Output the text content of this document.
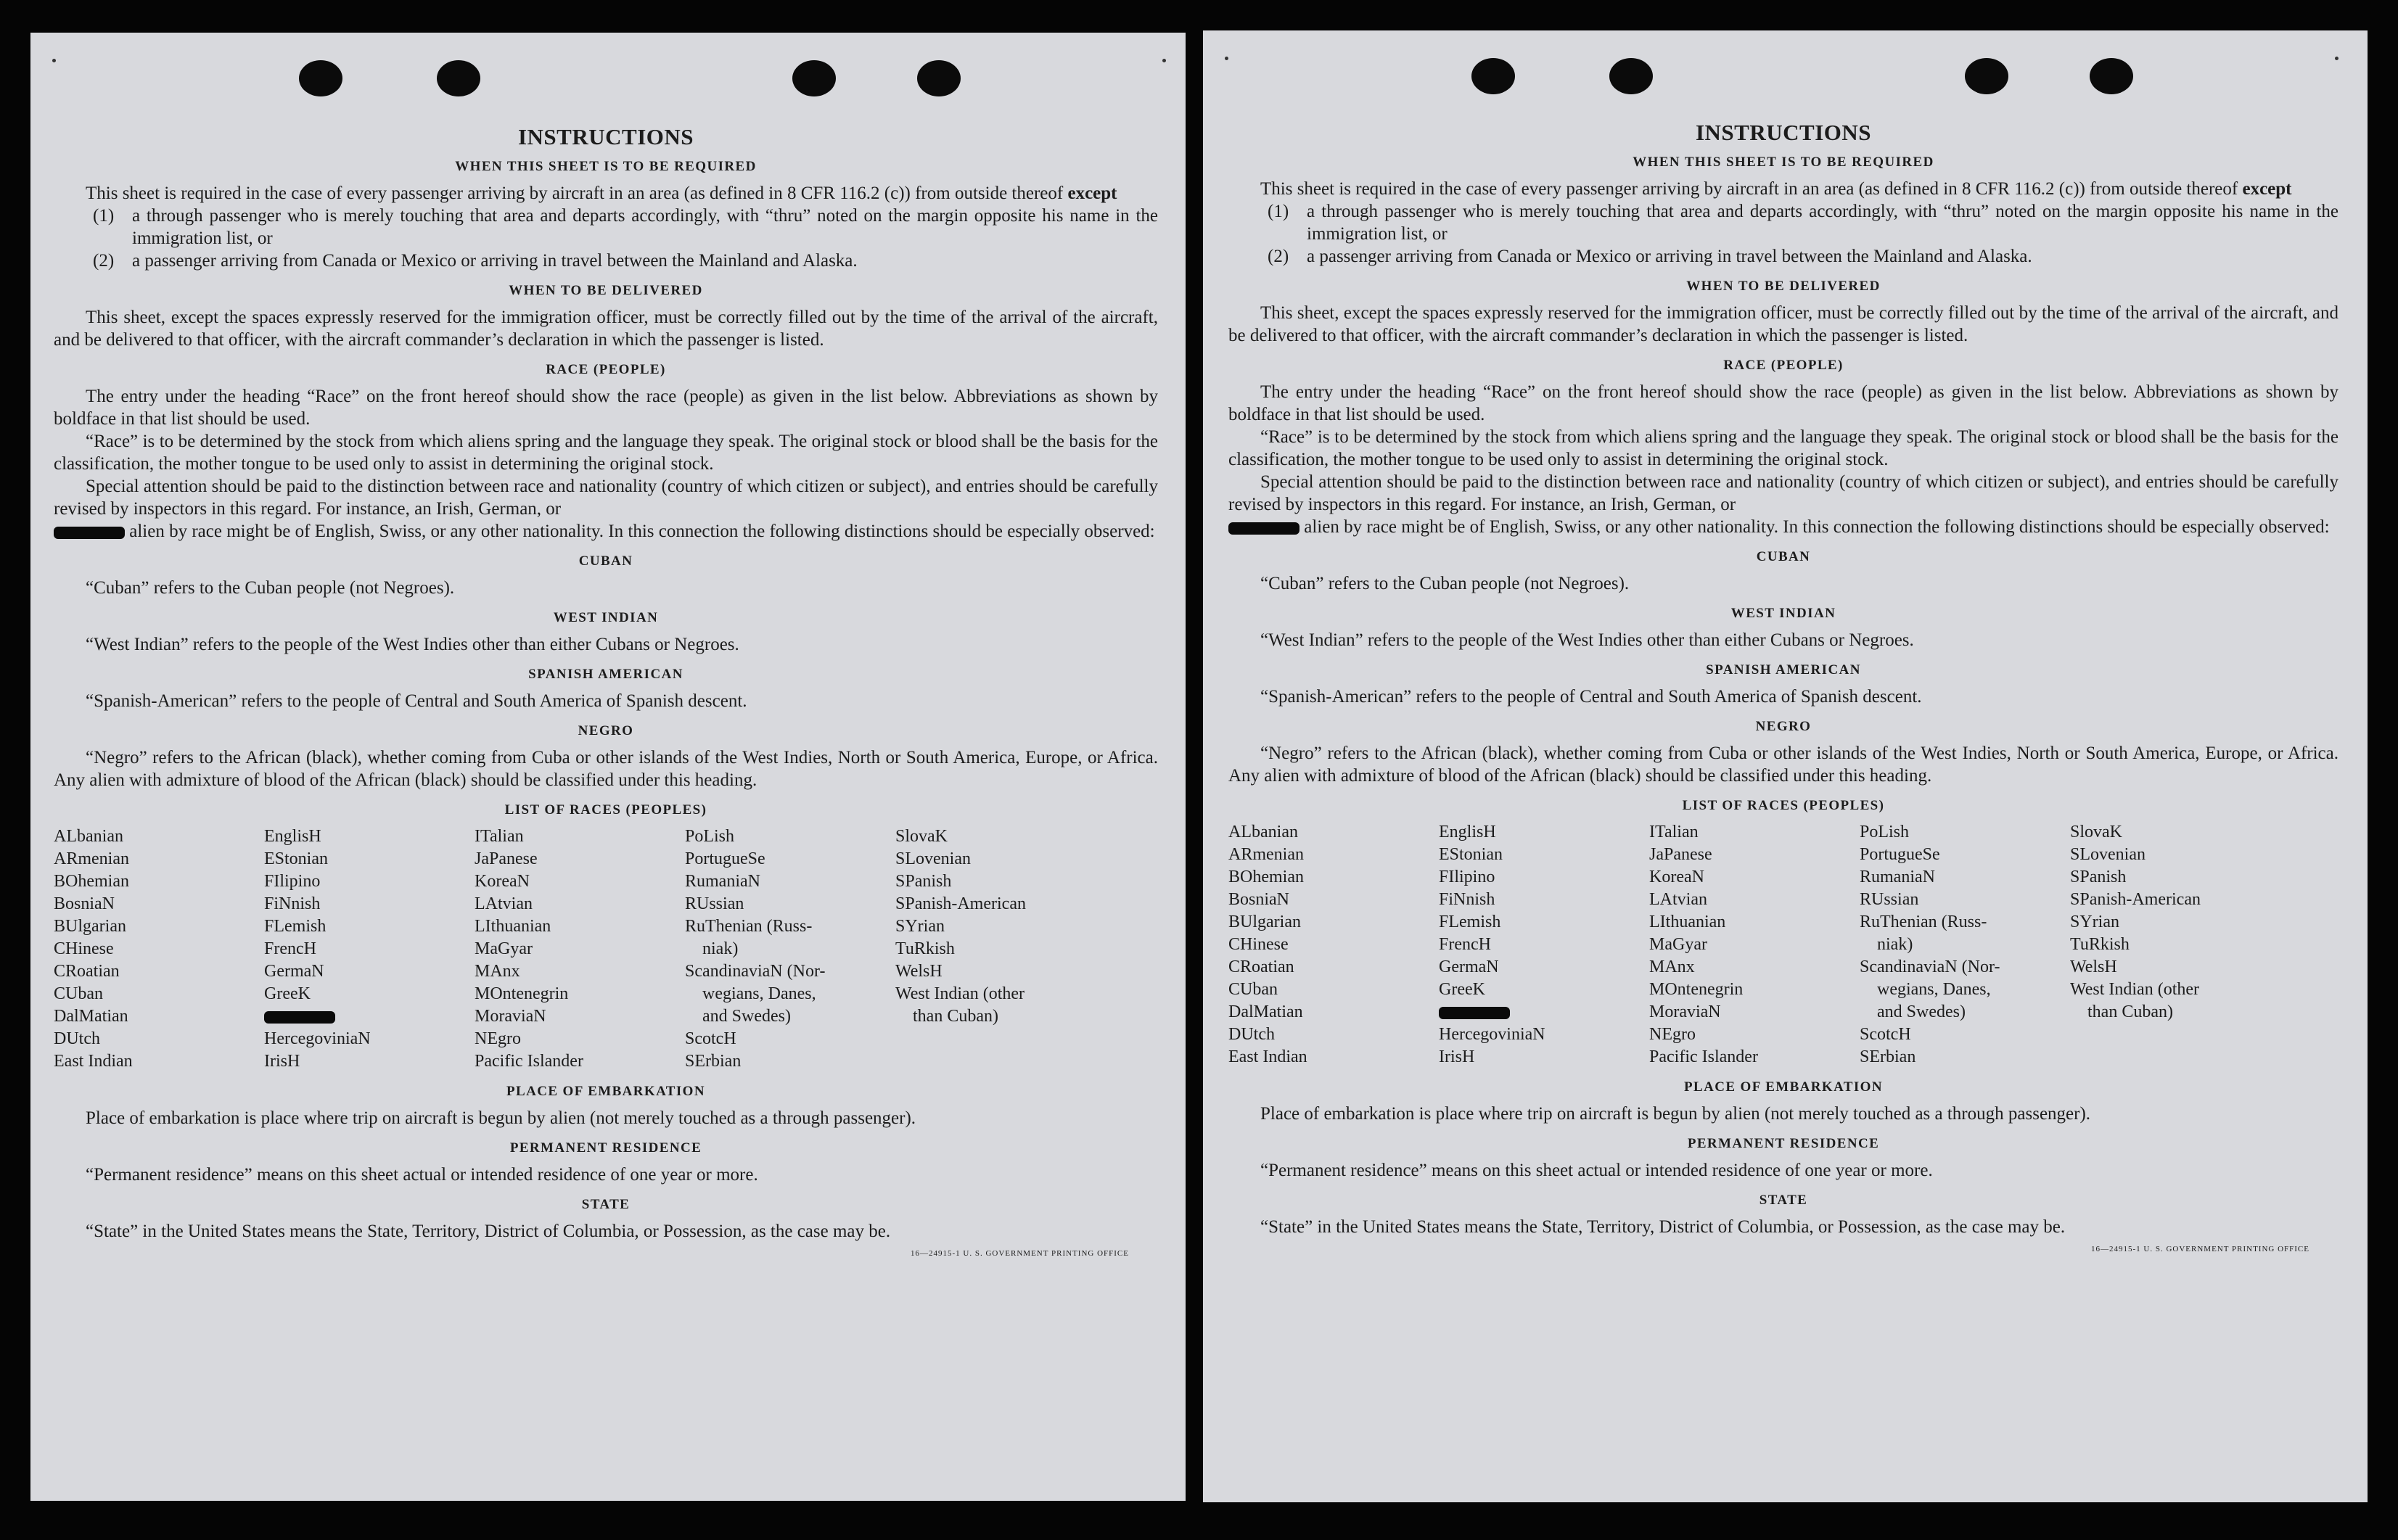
INSTRUCTIONS
WHEN THIS SHEET IS TO BE REQUIRED

This sheet is required in the case of every passenger arriving by aircraft in an area (as defined in 8 CFR 116.2 (c)) from outside thereof except

(1) a through passenger who is merely touching that area and departs accordingly, with “thru” noted on the margin opposite his name in the immigration list, or

(2) a passenger arriving from Canada or Mexico or arriving in travel between the Mainland and Alaska.

WHEN TO BE DELIVERED

This sheet, except the spaces expressly reserved for the immigration officer, must be correctly filled out by the time of the arrival of the aircraft, and be delivered to that officer, with the aircraft commander’s declaration in which the passenger is listed.

RACE (PEOPLE)

The entry under the heading “Race” on the front hereof should show the race (people) as given in the list below. Abbreviations as shown by boldface in that list should be used.

“Race” is to be determined by the stock from which aliens spring and the language they speak. The original stock or blood shall be the basis for the classification, the mother tongue to be used only to assist in determining the original stock.

Special attention should be paid to the distinction between race and nationality (country of which citizen or subject), and entries should be carefully revised by inspectors in this regard. For instance, an Irish, German, or
alien by race might be of English, Swiss, or any other nationality. In this connection the following distinctions should be especially observed:

CUBAN

“Cuban” refers to the Cuban people (not Negroes).

WEST INDIAN

“West Indian” refers to the people of the West Indies other than either Cubans or Negroes.

SPANISH AMERICAN

“Spanish-American” refers to the people of Central and South America of Spanish descent.

NEGRO

“Negro” refers to the African (black), whether coming from Cuba or other islands of the West Indies, North or South America, Europe, or Africa. Any alien with admixture of blood of the African (black) should be classified under this heading.

LIST OF RACES (PEOPLES)
ALbanian
ARmenian
BOhemian
BosniaN
BUlgarian
CHinese
CRoatian
CUban
DalMatian
DUtch
East Indian
EnglisH
EStonian
FIlipino
FiNnish
FLemish
FrencH
GermaN
GreeK
HercegoviniaN
IrisH
ITalian
JaPanese
KoreaN
LAtvian
LIthuanian
MaGyar
MAnx
MOntenegrin
MoraviaN
NEgro
Pacific Islander
PoLish
PortugueSe
RumaniaN
RUssian
RuThenian (Russ-
niak)
ScandinaviaN (Nor-
wegians, Danes,
and Swedes)
ScotcH
SErbian
SlovaK
SLovenian
SPanish
SPanish-American
SYrian
TuRkish
WelsH
West Indian (other
than Cuban)
PLACE OF EMBARKATION

Place of embarkation is place where trip on aircraft is begun by alien (not merely touched as a through passenger).

PERMANENT RESIDENCE

“Permanent residence” means on this sheet actual or intended residence of one year or more.

STATE

“State” in the United States means the State, Territory, District of Columbia, or Possession, as the case may be.

16—24915-1 U. S. GOVERNMENT PRINTING OFFICE
INSTRUCTIONS
WHEN THIS SHEET IS TO BE REQUIRED

This sheet is required in the case of every passenger arriving by aircraft in an area (as defined in 8 CFR 116.2 (c)) from outside thereof except

(1) a through passenger who is merely touching that area and departs accordingly, with “thru” noted on the margin opposite his name in the immigration list, or

(2) a passenger arriving from Canada or Mexico or arriving in travel between the Mainland and Alaska.

WHEN TO BE DELIVERED

This sheet, except the spaces expressly reserved for the immigration officer, must be correctly filled out by the time of the arrival of the aircraft, and be delivered to that officer, with the aircraft commander’s declaration in which the passenger is listed.

RACE (PEOPLE)

The entry under the heading “Race” on the front hereof should show the race (people) as given in the list below. Abbreviations as shown by boldface in that list should be used.

“Race” is to be determined by the stock from which aliens spring and the language they speak. The original stock or blood shall be the basis for the classification, the mother tongue to be used only to assist in determining the original stock.

Special attention should be paid to the distinction between race and nationality (country of which citizen or subject), and entries should be carefully revised by inspectors in this regard. For instance, an Irish, German, or
alien by race might be of English, Swiss, or any other nationality. In this connection the following distinctions should be especially observed:

CUBAN

“Cuban” refers to the Cuban people (not Negroes).

WEST INDIAN

“West Indian” refers to the people of the West Indies other than either Cubans or Negroes.

SPANISH AMERICAN

“Spanish-American” refers to the people of Central and South America of Spanish descent.

NEGRO

“Negro” refers to the African (black), whether coming from Cuba or other islands of the West Indies, North or South America, Europe, or Africa. Any alien with admixture of blood of the African (black) should be classified under this heading.

LIST OF RACES (PEOPLES)
ALbanian
ARmenian
BOhemian
BosniaN
BUlgarian
CHinese
CRoatian
CUban
DalMatian
DUtch
East Indian
EnglisH
EStonian
FIlipino
FiNnish
FLemish
FrencH
GermaN
GreeK
HercegoviniaN
IrisH
ITalian
JaPanese
KoreaN
LAtvian
LIthuanian
MaGyar
MAnx
MOntenegrin
MoraviaN
NEgro
Pacific Islander
PoLish
PortugueSe
RumaniaN
RUssian
RuThenian (Russ-
niak)
ScandinaviaN (Nor-
wegians, Danes,
and Swedes)
ScotcH
SErbian
SlovaK
SLovenian
SPanish
SPanish-American
SYrian
TuRkish
WelsH
West Indian (other
than Cuban)
PLACE OF EMBARKATION

Place of embarkation is place where trip on aircraft is begun by alien (not merely touched as a through passenger).

PERMANENT RESIDENCE

“Permanent residence” means on this sheet actual or intended residence of one year or more.

STATE

“State” in the United States means the State, Territory, District of Columbia, or Possession, as the case may be.

16—24915-1 U. S. GOVERNMENT PRINTING OFFICE
